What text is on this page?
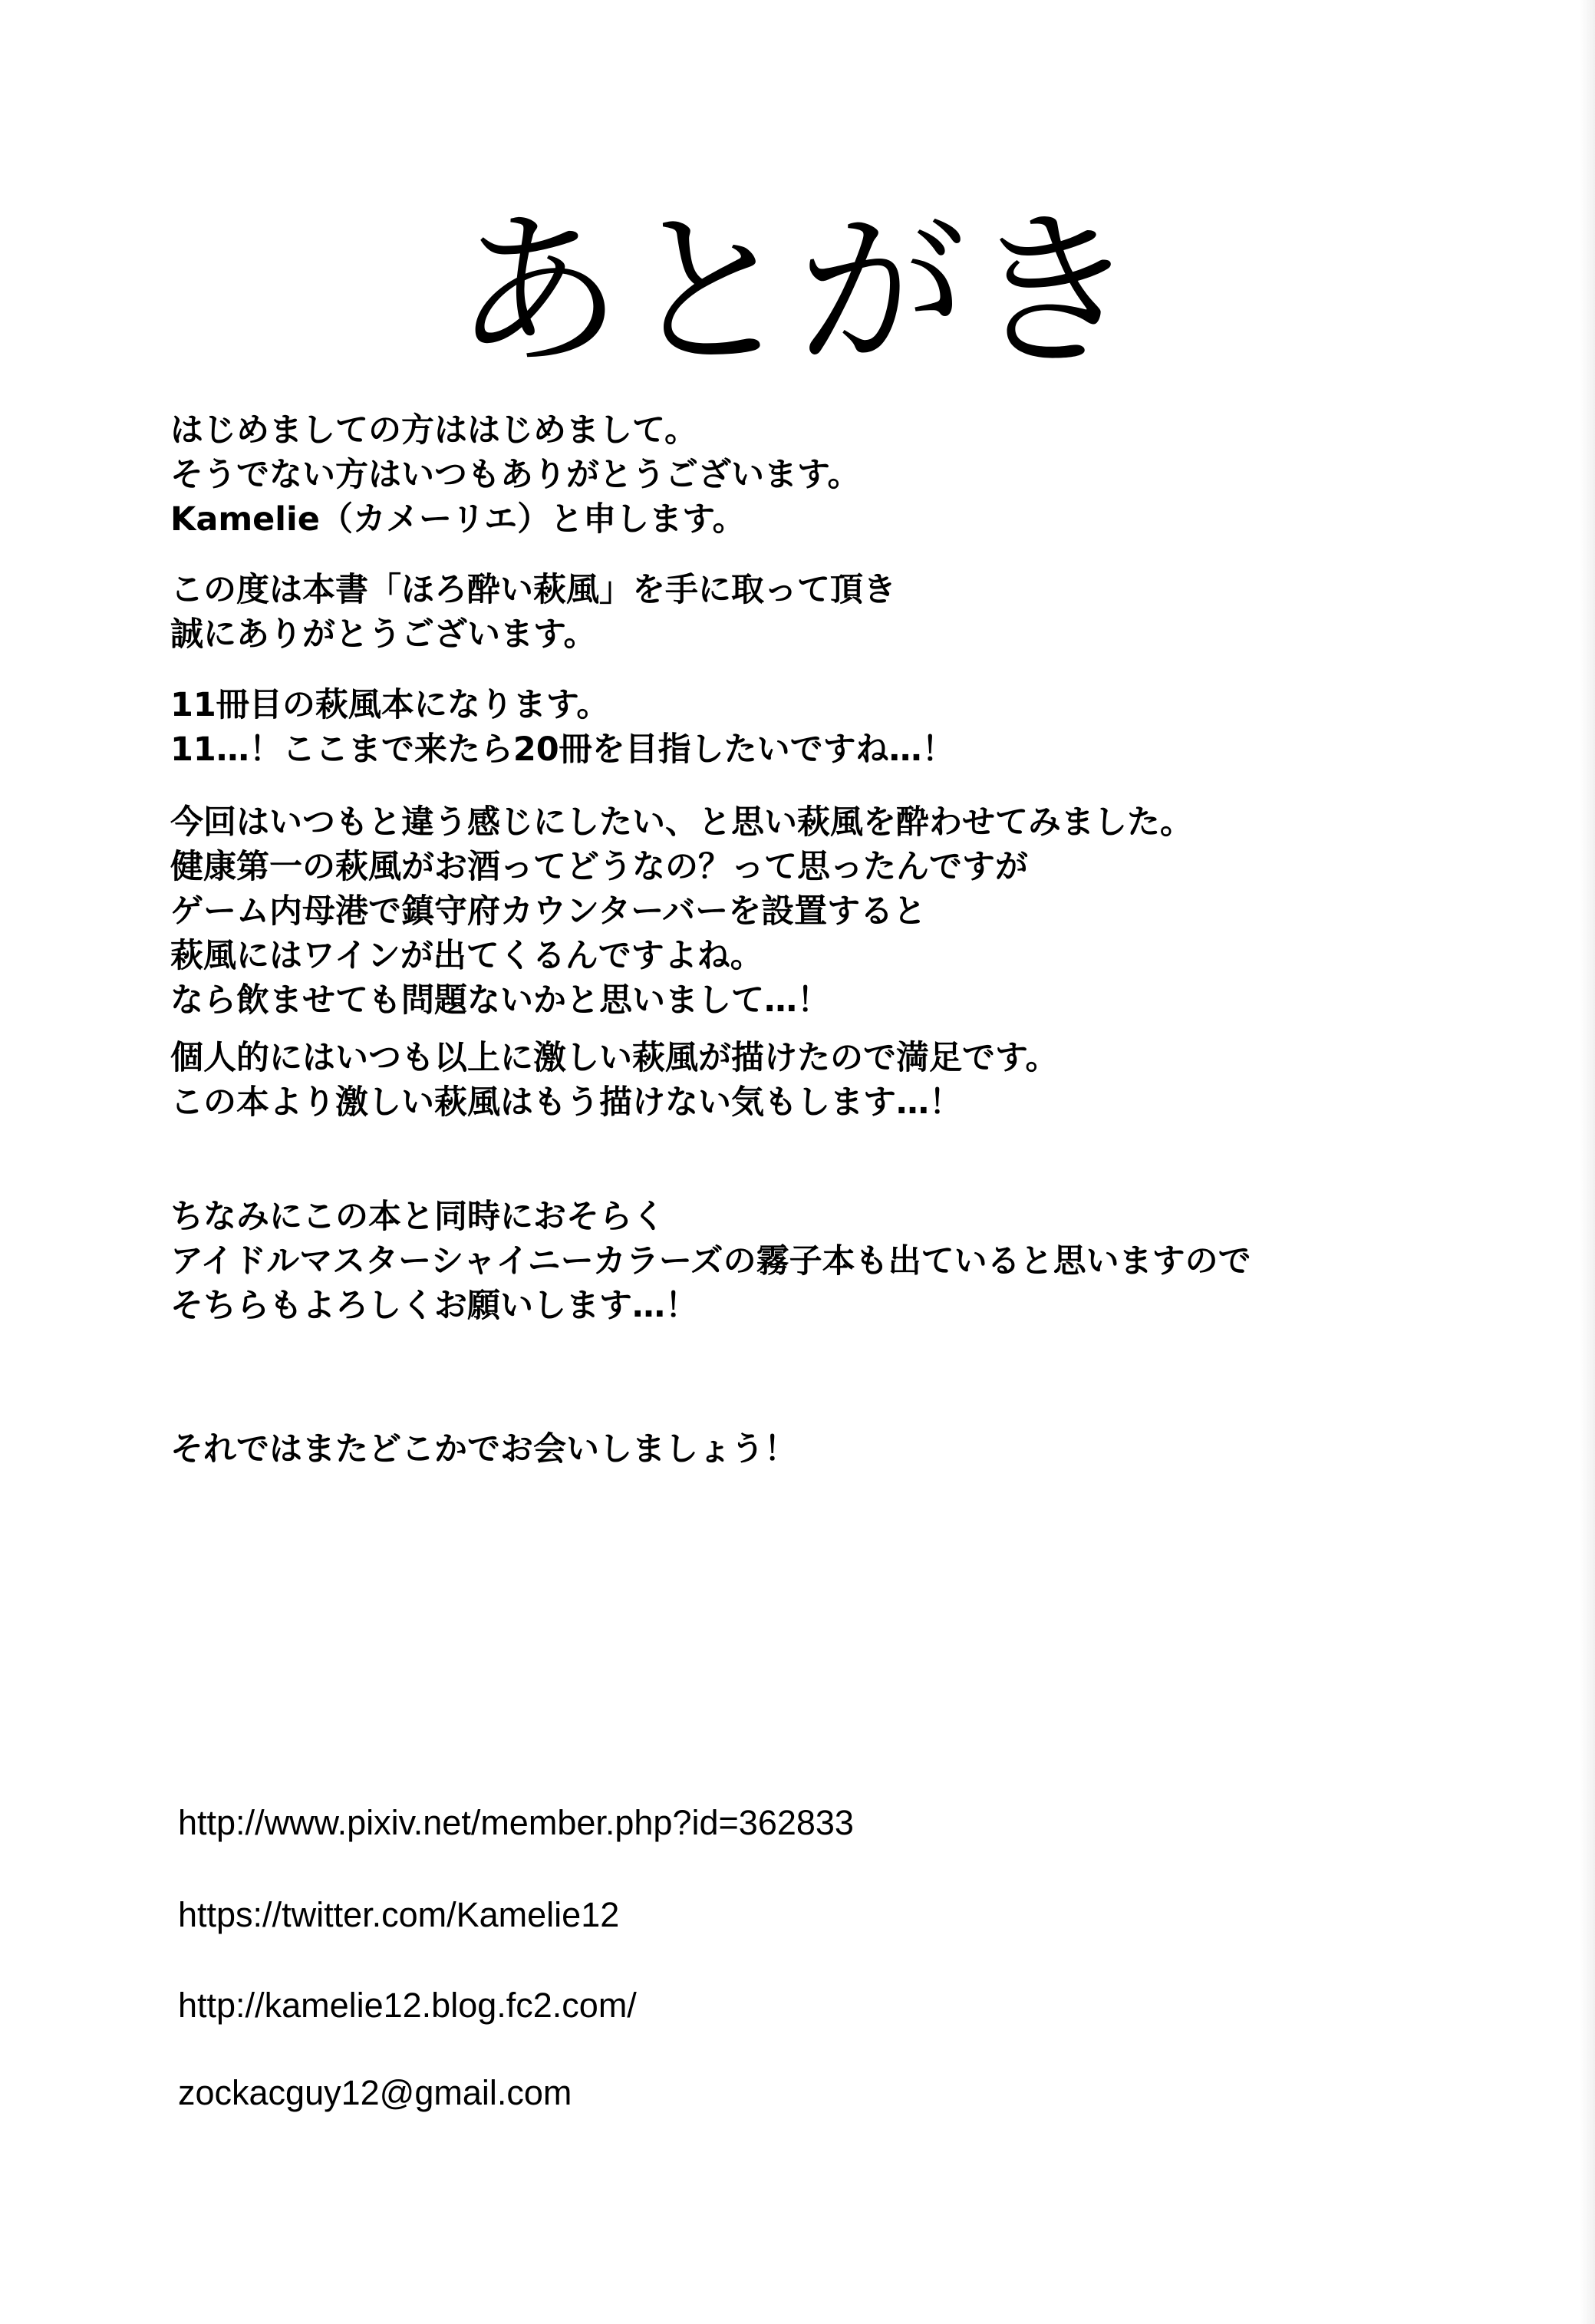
あとがき
はじめましての方ははじめまして。
そうでない方はいつもありがとうございます。
Kamelie（カメーリエ）と申します。
この度は本書「ほろ酔い萩風」を手に取って頂き
誠にありがとうございます。
11冊目の萩風本になります。
11…！ここまで来たら20冊を目指したいですね…！
今回はいつもと違う感じにしたい、と思い萩風を酔わせてみました。
健康第一の萩風がお酒ってどうなの？って思ったんですが
ゲーム内母港で鎮守府カウンターバーを設置すると
萩風にはワインが出てくるんですよね。
なら飲ませても問題ないかと思いまして…！
個人的にはいつも以上に激しい萩風が描けたので満足です。
この本より激しい萩風はもう描けない気もします…！
ちなみにこの本と同時におそらく
アイドルマスターシャイニーカラーズの霧子本も出ていると思いますので
そちらもよろしくお願いします…！
それではまたどこかでお会いしましょう！
http://www.pixiv.net/member.php?id=362833
https://twitter.com/Kamelie12
http://kamelie12.blog.fc2.com/
zockacguy12@gmail.com
